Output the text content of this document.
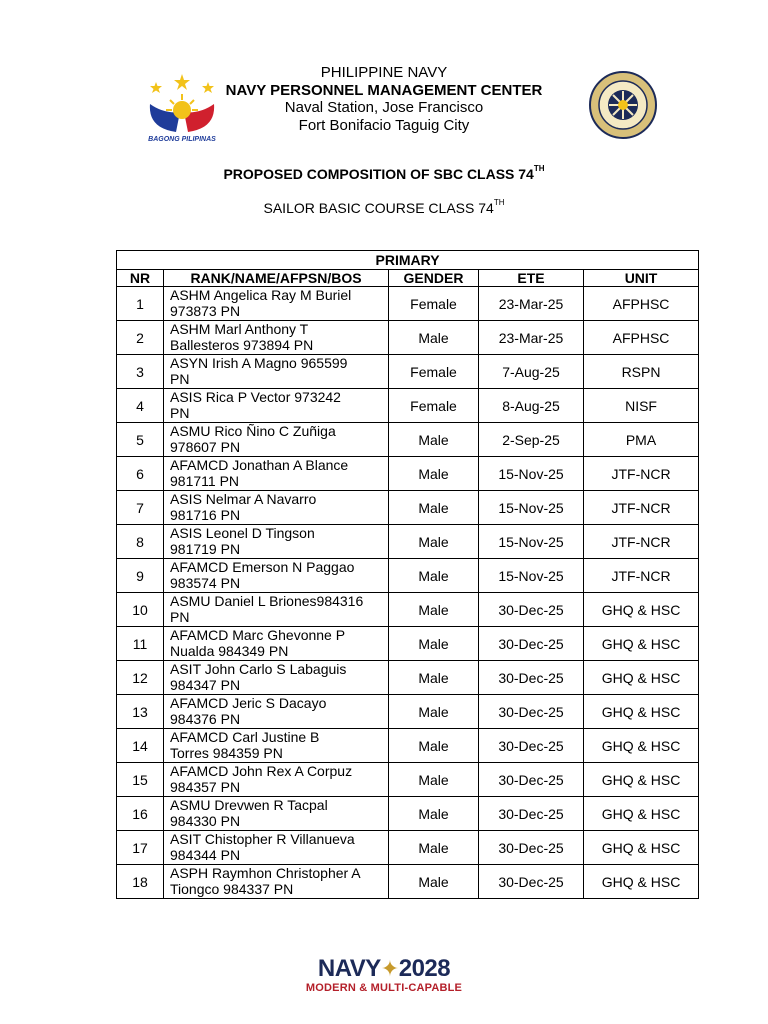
BAGONG PILIPINAS
PHILIPPINE NAVY
NAVY PERSONNEL MANAGEMENT CENTER
Naval Station, Jose Francisco
Fort Bonifacio Taguig City
PROPOSED COMPOSITION OF SBC CLASS 74TH
SAILOR BASIC COURSE CLASS 74TH
PRIMARY				
NR	RANK/NAME/AFPSN/BOS	GENDER	ETE	UNIT
1	ASHM Angelica Ray M Buriel
973873 PN	Female	23-Mar-25	AFPHSC
2	ASHM Marl Anthony T
Ballesteros 973894 PN	Male	23-Mar-25	AFPHSC
3	ASYN Irish A Magno 965599
PN	Female	7-Aug-25	RSPN
4	ASIS Rica P Vector 973242
PN	Female	8-Aug-25	NISF
5	ASMU Rico Ñino C Zuñiga
978607 PN	Male	2-Sep-25	PMA
6	AFAMCD Jonathan A Blance
981711 PN	Male	15-Nov-25	JTF-NCR
7	ASIS Nelmar A Navarro
981716 PN	Male	15-Nov-25	JTF-NCR
8	ASIS Leonel D Tingson
981719 PN	Male	15-Nov-25	JTF-NCR
9	AFAMCD Emerson N Paggao
983574 PN	Male	15-Nov-25	JTF-NCR
10	ASMU Daniel L Briones984316
PN	Male	30-Dec-25	GHQ & HSC
11	AFAMCD Marc Ghevonne P
Nualda 984349 PN	Male	30-Dec-25	GHQ & HSC
12	ASIT John Carlo S Labaguis
984347 PN	Male	30-Dec-25	GHQ & HSC
13	AFAMCD Jeric S Dacayo
984376 PN	Male	30-Dec-25	GHQ & HSC
14	AFAMCD Carl Justine B
Torres 984359 PN	Male	30-Dec-25	GHQ & HSC
15	AFAMCD John Rex A Corpuz
984357 PN	Male	30-Dec-25	GHQ & HSC
16	ASMU Drevwen R Tacpal
984330 PN	Male	30-Dec-25	GHQ & HSC
17	ASIT Chistopher R Villanueva
984344 PN	Male	30-Dec-25	GHQ & HSC
18	ASPH Raymhon Christopher A
Tiongco 984337 PN	Male	30-Dec-25	GHQ & HSC
NAVY✦2028
MODERN & MULTI-CAPABLE
